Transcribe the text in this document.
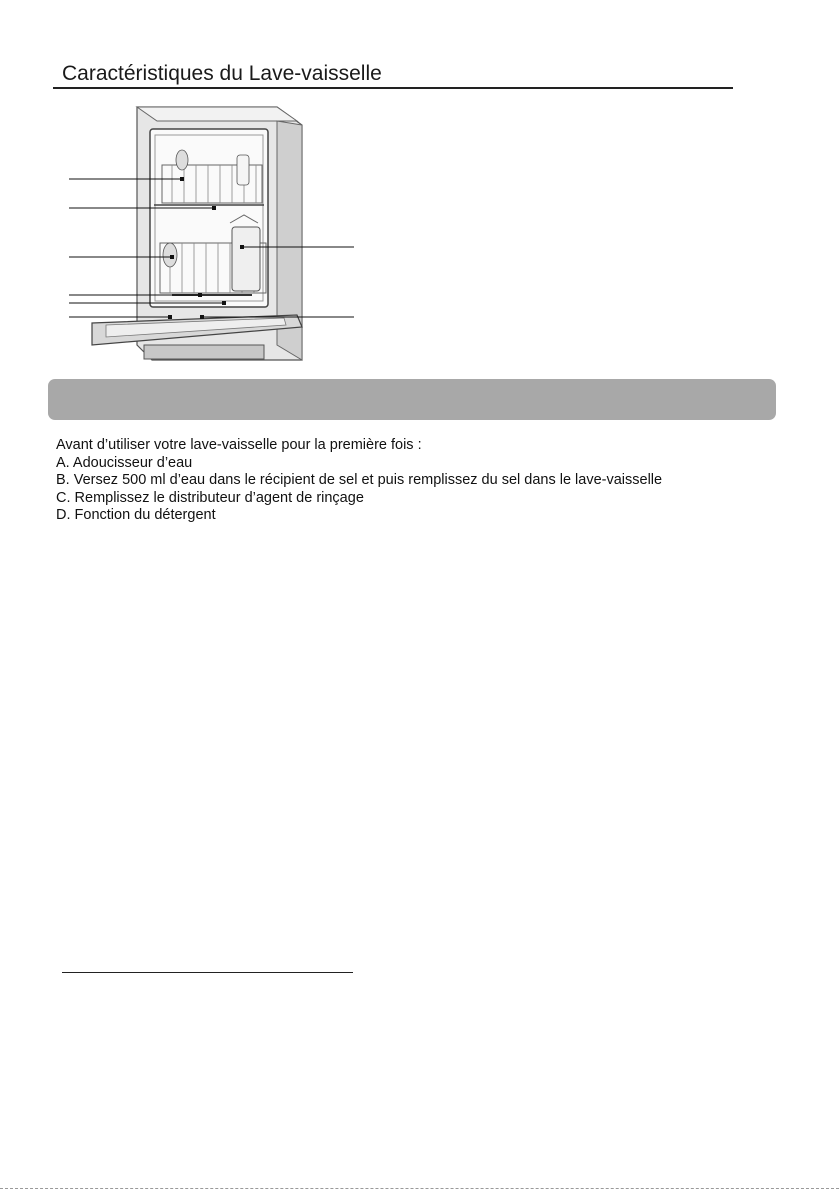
Caractéristiques du Lave-vaisselle
Avant d’utiliser votre lave-vaisselle pour la première fois :
A. Adoucisseur d’eau
B. Versez 500 ml d’eau dans le récipient de sel et puis remplissez du sel dans le lave-vaisselle
C. Remplissez le distributeur d’agent de rinçage
D. Fonction du détergent
